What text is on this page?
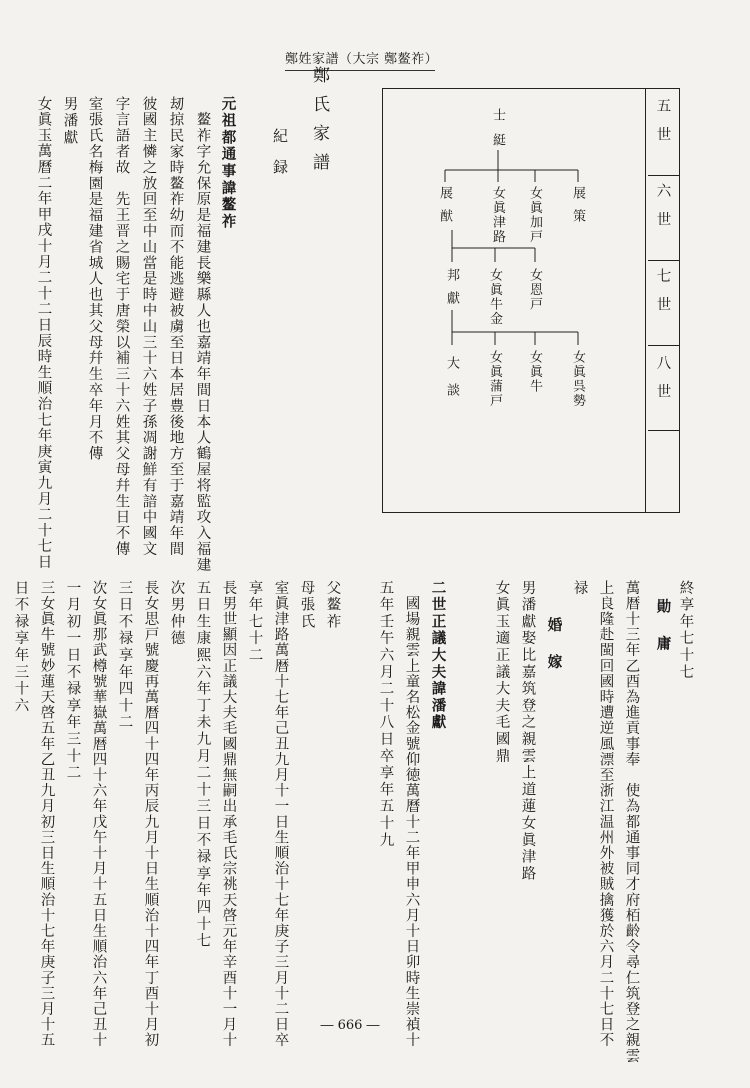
鄭姓家譜（大宗 鄭鳌祚）
鄭氏家譜
紀録
五世
六世
七世
八世
士綎
展策
女眞加戸
女眞津路
展猷
女恩戸
女眞牛金
邦獻
女眞呉勢
女眞牛
女眞蒲戸
大談
元祖都通事諱鳌祚
　鳌祚字允保原是福建長樂縣人也嘉靖年間日本人鶴屋将監攻入福建
刼掠民家時鳌祚幼而不能逃避被虜至日本居豊後地方至于嘉靖年間
彼國主憐之放回至中山當是時中山三十六姓子孫凋謝鮮有諳中國文
字言語者故　先王晋之賜宅于唐榮以補三十六姓其父母幷生日不傳
室張氏名梅園是福建省城人也其父母幷生卒年月不傳
男潘獻
女眞玉萬曆二年甲戌十月二十二日辰時生順治七年庚寅九月二十七日
終享年七十七
　勛　庸
萬暦十三年乙酉為進貢事奉　使為都通事同才府栢齡令尋仁筑登之親雲
上良隆赴閩回國時遭逆風漂至浙江温州外被賊擒獲於六月二十七日不
禄
　　婚　嫁
男潘獻娶比嘉筑登之親雲上道蓮女眞津路
女眞玉適正議大夫毛國鼎
二世正議大夫諱潘獻
　國場親雲上童名松金號仰徳萬曆十二年甲申六月十日卯時生崇禎十
五年壬午六月二十八日卒享年五十九
父鳌祚
母張氏
室眞津路萬暦十七年己丑九月十一日生順治十七年庚子三月十二日卒
享年七十二
長男世顯因正議大夫毛國鼎無嗣出承毛氏宗祧天啓元年辛酉十一月十
五日生康熙六年丁未九月二十三日不禄享年四十七
次男仲德
長女思戸號慶再萬暦四十四年丙辰九月十日生順治十四年丁酉十月初
三日不禄享年四十二
次女眞那武樽號華嶽萬暦四十六年戊午十月十五日生順治六年己丑十
一月初一日不禄享年三十二
三女眞牛號妙蓮天啓五年乙丑九月初三日生順治十七年庚子三月十五
日不禄享年三十六
― 666 ―
